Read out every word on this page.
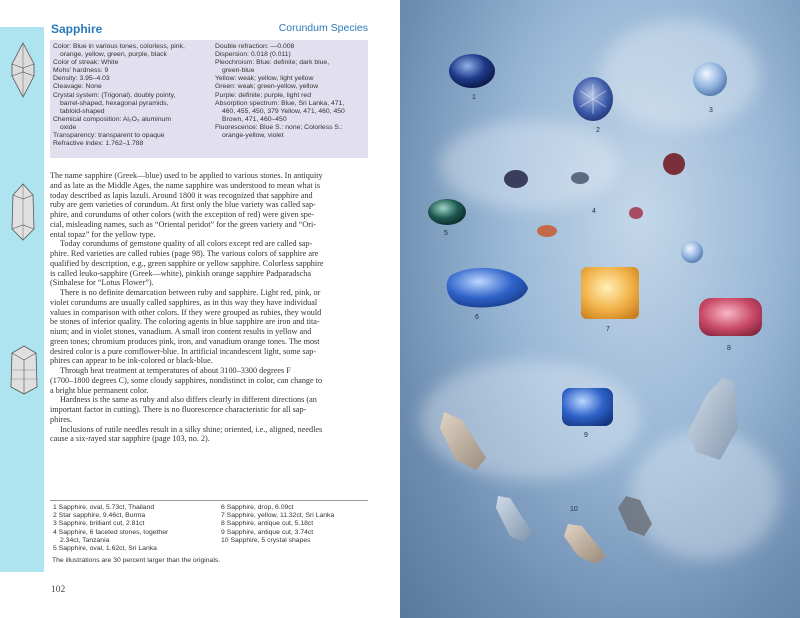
Sapphire	Corundum Species
Color: Blue in various tones, colorless, pink,
orange, yellow, green, purple, black
Color of streak: White
Mohs' hardness: 9
Density: 3.95–4.03
Cleavage: None
Crystal system: (Trigonal), doubly pointy,
barrel-shaped, hexagonal pyramids,
tabloid-shaped
Chemical composition: Al₂O₃ aluminum
oxide
Transparency: transparent to opaque
Refractive index: 1.762–1.788
Double refraction: —0.008
Dispersion: 0.018 (0.011)
Pleochroism: Blue: definite; dark blue,
green-blue
Yellow: weak; yellow, light yellow
Green: weak; green-yellow, yellow
Purple: definite; purple, light red
Absorption spectrum: Blue, Sri Lanka, 471,
460, 455, 450, 379 Yellow, 471, 460, 450
Brown, 471, 460–450
Fluorescence: Blue S.: none; Colorless S.:
orange-yellow, violet

The name sapphire (Greek—blue) used to be applied to various stones. In antiquity
and as late as the Middle Ages, the name sapphire was understood to mean what is
today described as lapis lazuli. Around 1800 it was recognized that sapphire and
ruby are gem varieties of corundum. At first only the blue variety was called sap-
phire, and corundums of other colors (with the exception of red) were given spe-
cial, misleading names, such as “Oriental peridot” for the green variety and “Ori-
ental topaz” for the yellow type.

Today corundums of gemstone quality of all colors except red are called sap-
phire. Red varieties are called rubies (page 98). The various colors of sapphire are
qualified by description, e.g., green sapphire or yellow sapphire. Colorless sapphire
is called leuko-sapphire (Greek—white), pinkish orange sapphire Padparadscha
(Sinhalese for “Lotus Flower”).

There is no definite demarcation between ruby and sapphire. Light red, pink, or
violet corundums are usually called sapphires, as in this way they have individual
values in comparison with other colors. If they were grouped as rubies, they would
be stones of inferior quality. The coloring agents in blue sapphire are iron and tita-
nium; and in violet stones, vanadium. A small iron content results in yellow and
green tones; chromium produces pink, iron, and vanadium orange tones. The most
desired color is a pure cornflower-blue. In artificial incandescent light, some sap-
phires can appear to be ink-colored or black-blue.

Through heat treatment at temperatures of about 3100–3300 degrees F
(1700–1800 degrees C), some cloudy sapphires, nondistinct in color, can change to
a bright blue permanent color.

Hardness is the same as ruby and also differs clearly in different directions (an
important factor in cutting). There is no fluorescence characteristic for all sap-
phires.

Inclusions of rutile needles result in a silky shine; oriented, i.e., aligned, needles
cause a six-rayed star sapphire (page 103, no. 2).

1 Sapphire, oval, 5.73ct, Thailand
2 Star sapphire, 9.46ct, Burma
3 Sapphire, brilliant cut, 2.81ct
4 Sapphire, 6 faceted stones, together
2.34ct, Tanzania
5 Sapphire, oval, 1.62ct, Sri Lanka
6 Sapphire, drop, 6.09ct
7 Sapphire, yellow, 11.32ct, Sri Lanka
8 Sapphire, antique cut, 5.18ct
9 Sapphire, antique cut, 3.74ct
10 Sapphire, 5 crystal shapes
The illustrations are 30 percent larger than the originals.
102
1
2
3
4
5
6
7
8
9
10
